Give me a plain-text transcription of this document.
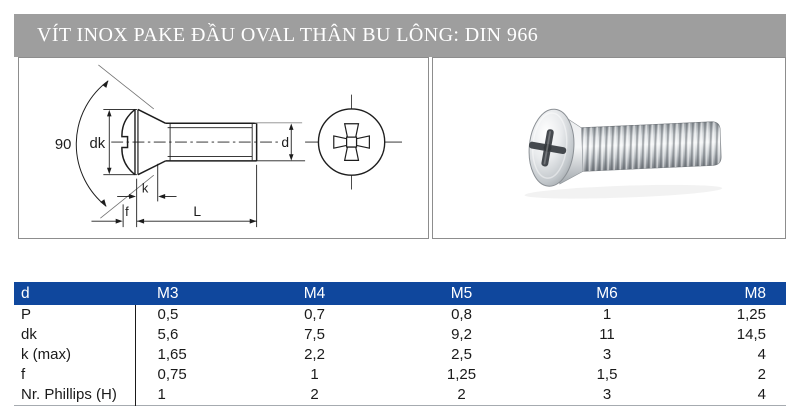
VÍT INOX PAKE ĐẦU OVAL THÂN BU LÔNG: DIN 966
90 dk	d
k
f	L
d	M3	M4	M5	M6	M8
P	0,5	0,7	0,8	1	1,25
dk	5,6	7,5	9,2	11	14,5
k (max)	1,65	2,2	2,5	3	4
f	0,75	1	1,25	1,5	2
Nr. Phillips (H)	1	2	2	3	4
